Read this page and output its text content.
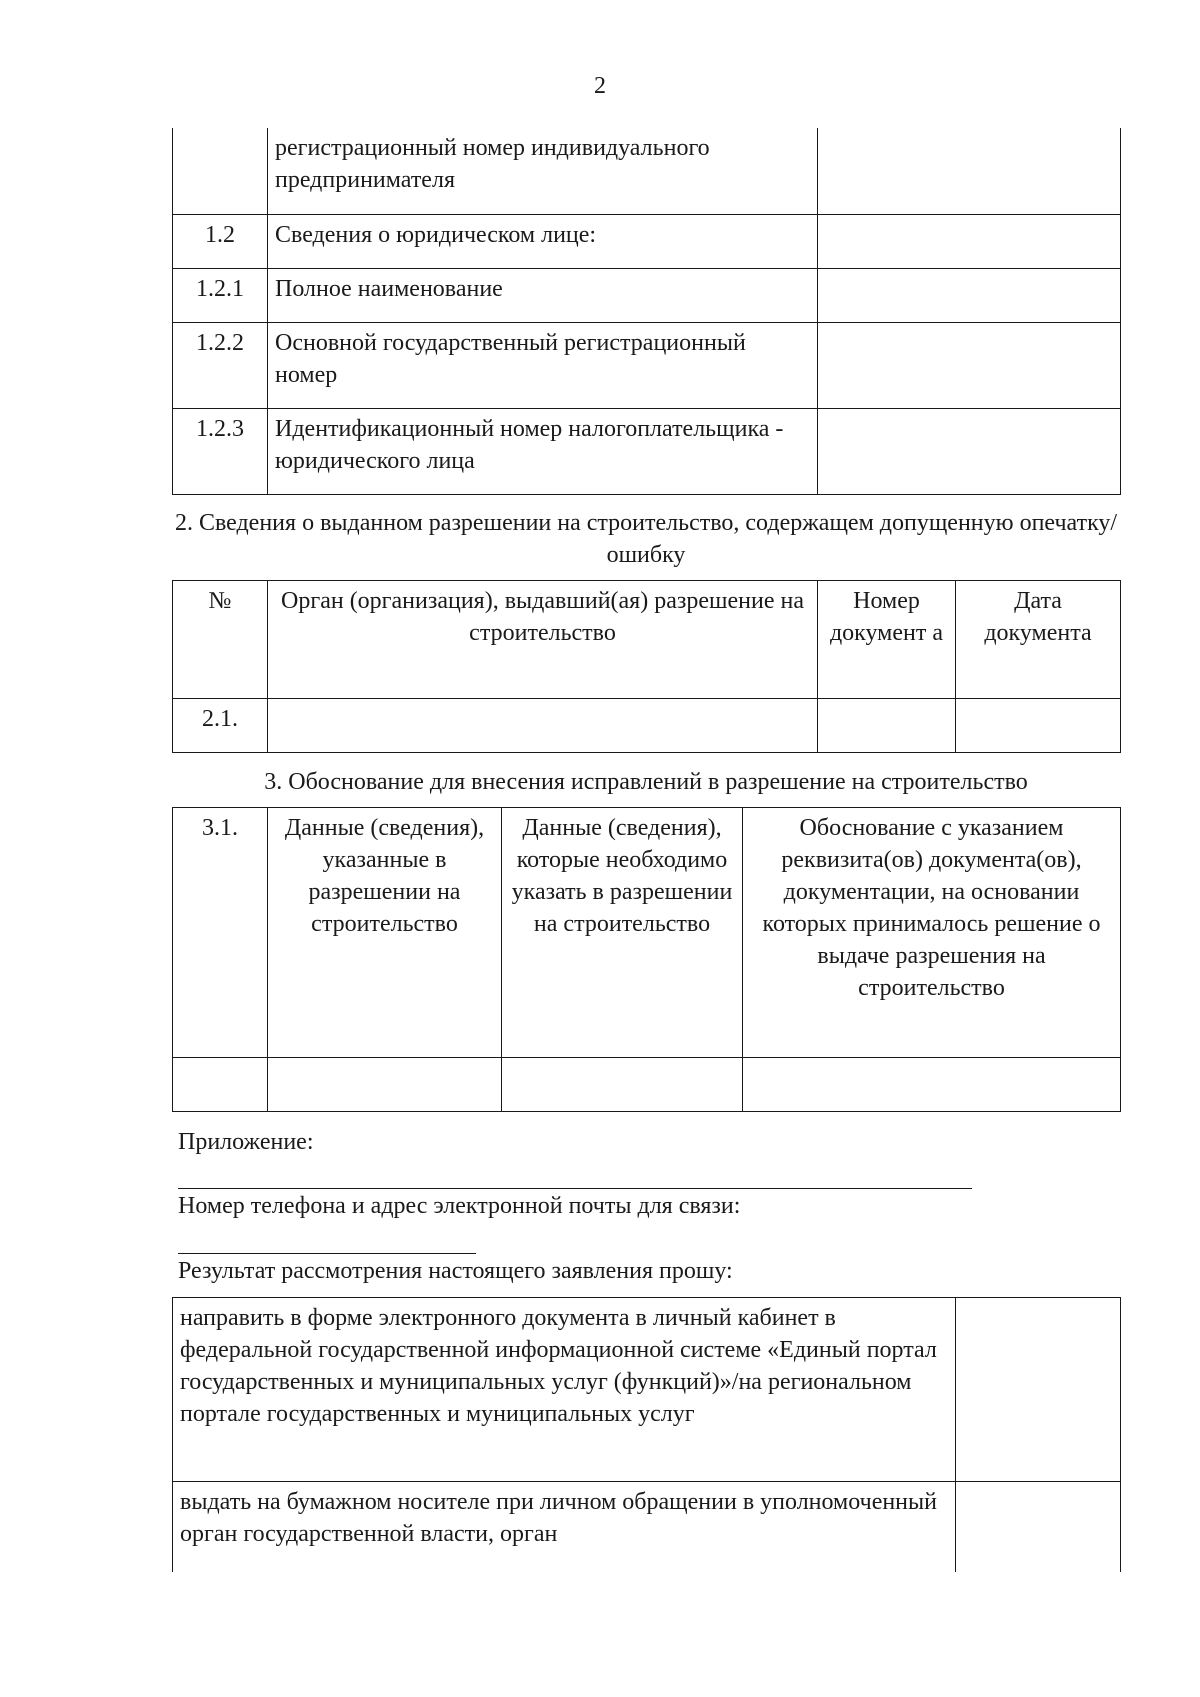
2
	регистрационный номер индивидуального предпринимателя	
1.2	Сведения о юридическом лице:	
1.2.1	Полное наименование	
1.2.2	Основной государственный регистрационный номер	
1.2.3	Идентификационный номер налогоплательщика - юридического лица	
2. Сведения о выданном разрешении на строительство, содержащем допущенную опечатку/ошибку
№	Орган (организация), выдавший(ая) разрешение на строительство	Номер документ а	Дата документа
2.1.			
3. Обоснование для внесения исправлений в разрешение на строительство
3.1.	Данные (сведения), указанные в разрешении на строительство	Данные (сведения), которые необходимо указать в разрешении на строительство	Обоснование с указанием реквизита(ов) документа(ов), документации, на основании которых принималось решение о выдаче разрешения на строительство

Приложение:
Номер телефона и адрес электронной почты для связи:
Результат рассмотрения настоящего заявления прошу:
направить в форме электронного документа в личный кабинет в федеральной государственной информационной системе «Единый портал государственных и муниципальных услуг (функций)»/на региональном портале государственных и муниципальных услуг	
выдать на бумажном носителе при личном обращении в уполномоченный орган государственной власти, орган	
